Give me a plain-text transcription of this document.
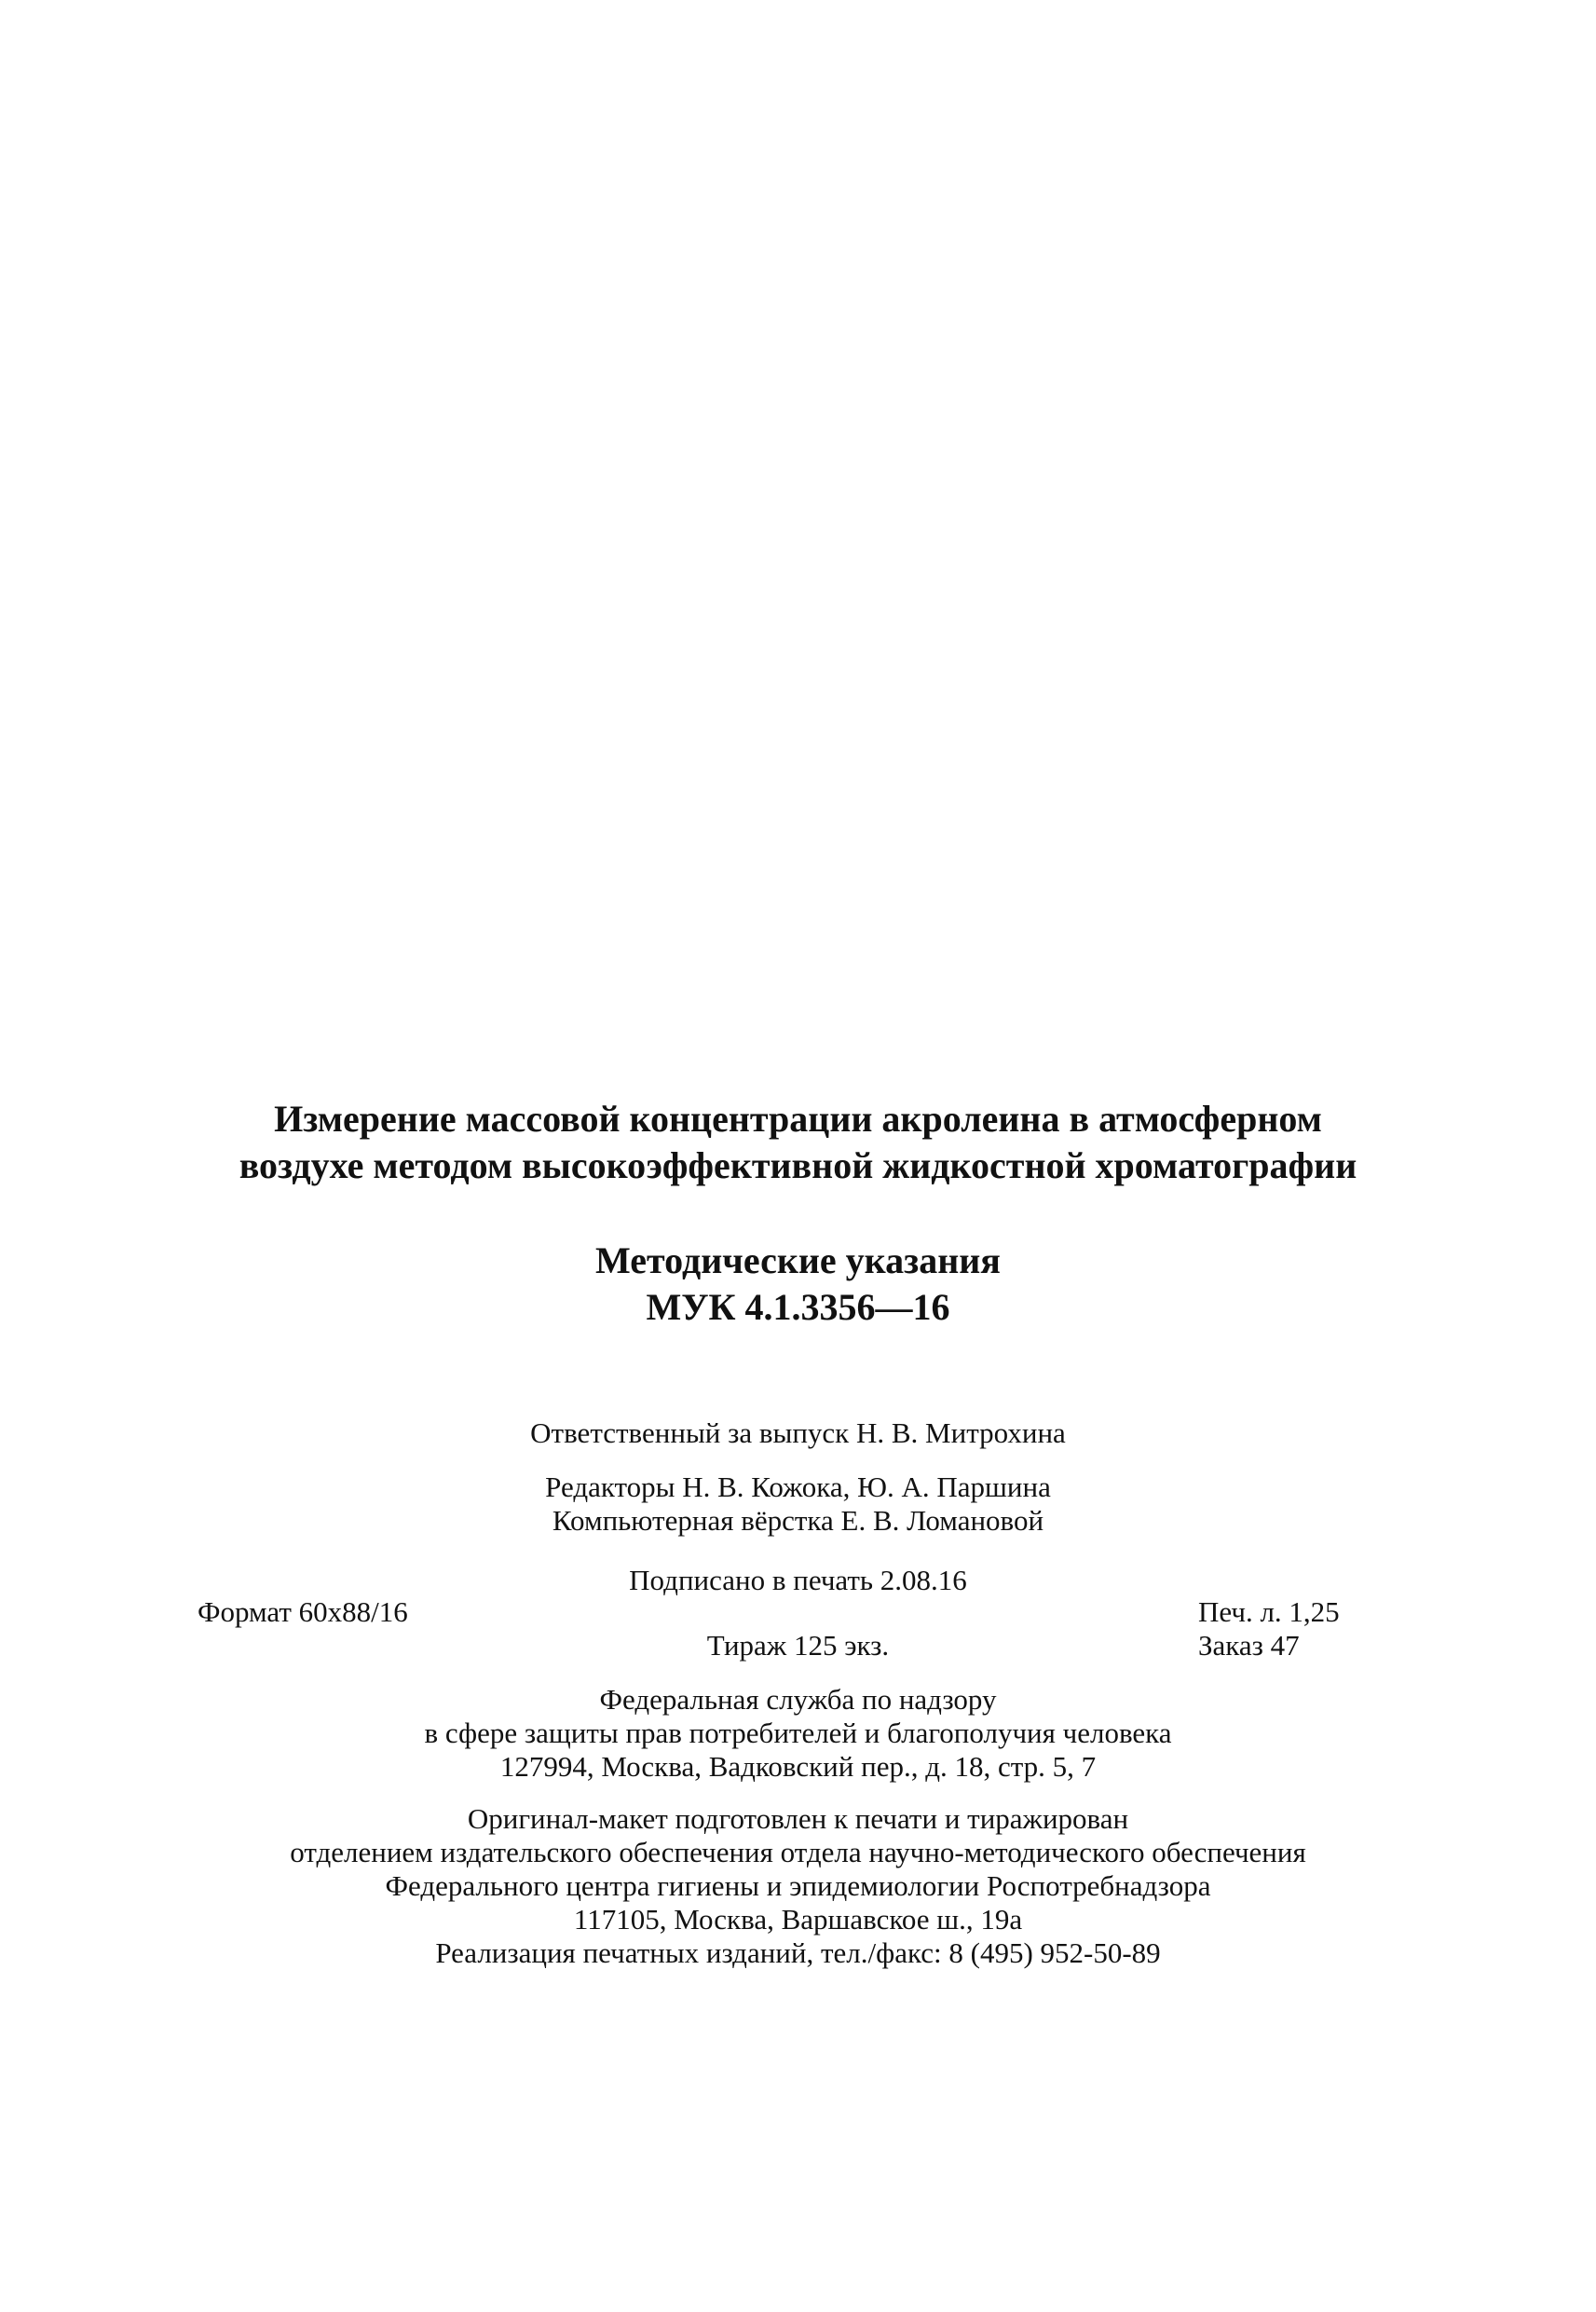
Измерение массовой концентрации акролеина в атмосферном
воздухе методом высокоэффективной жидкостной хроматографии
Методические указания
МУК 4.1.3356—16
Ответственный за выпуск Н. В. Митрохина
Редакторы Н. В. Кожока, Ю. А. Паршина
Компьютерная вёрстка Е. В. Ломановой
Подписано в печать 2.08.16
Формат 60x88/16	Печ. л. 1,25
Тираж 125 экз.	Заказ 47
Федеральная служба по надзору
в сфере защиты прав потребителей и благополучия человека
127994, Москва, Вадковский пер., д. 18, стр. 5, 7
Оригинал-макет подготовлен к печати и тиражирован
отделением издательского обеспечения отдела научно-методического обеспечения
Федерального центра гигиены и эпидемиологии Роспотребнадзора
117105, Москва, Варшавское ш., 19а
Реализация печатных изданий, тел./факс: 8 (495) 952-50-89
